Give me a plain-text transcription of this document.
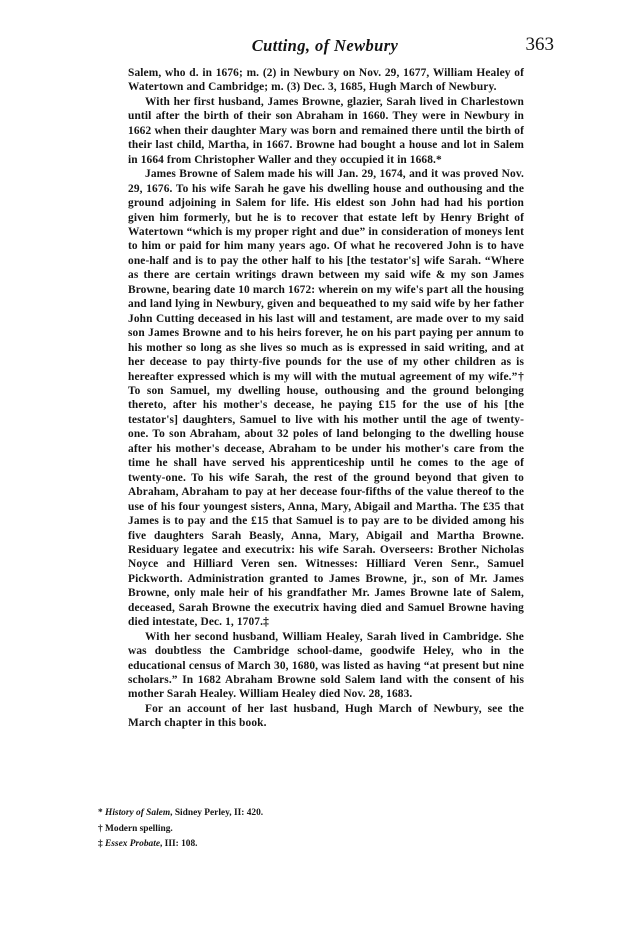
Cutting, of Newbury	363

Salem, who d. in 1676; m. (2) in Newbury on Nov. 29, 1677, William Healey of Watertown and Cambridge; m. (3) Dec. 3, 1685, Hugh March of Newbury.

With her first husband, James Browne, glazier, Sarah lived in Charlestown until after the birth of their son Abraham in 1660. They were in Newbury in 1662 when their daughter Mary was born and remained there until the birth of their last child, Martha, in 1667. Browne had bought a house and lot in Salem in 1664 from Christopher Waller and they occupied it in 1668.*

James Browne of Salem made his will Jan. 29, 1674, and it was proved Nov. 29, 1676. To his wife Sarah he gave his dwelling house and outhousing and the ground adjoining in Salem for life. His eldest son John had had his portion given him formerly, but he is to recover that estate left by Henry Bright of Watertown “which is my proper right and due” in consideration of moneys lent to him or paid for him many years ago. Of what he recovered John is to have one-half and is to pay the other half to his [the testator's] wife Sarah. “Where as there are certain writings drawn between my said wife & my son James Browne, bearing date 10 march 1672: wherein on my wife's part all the housing and land lying in Newbury, given and bequeathed to my said wife by her father John Cutting deceased in his last will and testament, are made over to my said son James Browne and to his heirs forever, he on his part paying per annum to his mother so long as she lives so much as is expressed in said writing, and at her decease to pay thirty-five pounds for the use of my other children as is hereafter expressed which is my will with the mutual agreement of my wife.”† To son Samuel, my dwelling house, outhousing and the ground belonging thereto, after his mother's decease, he paying £15 for the use of his [the testator's] daughters, Samuel to live with his mother until the age of twenty-one. To son Abraham, about 32 poles of land belonging to the dwelling house after his mother's decease, Abraham to be under his mother's care from the time he shall have served his apprenticeship until he comes to the age of twenty-one. To his wife Sarah, the rest of the ground beyond that given to Abraham, Abraham to pay at her decease four-fifths of the value thereof to the use of his four youngest sisters, Anna, Mary, Abigail and Martha. The £35 that James is to pay and the £15 that Samuel is to pay are to be divided among his five daughters Sarah Beasly, Anna, Mary, Abigail and Martha Browne. Residuary legatee and executrix: his wife Sarah. Overseers: Brother Nicholas Noyce and Hilliard Veren sen. Witnesses: Hilliard Veren Senr., Samuel Pickworth. Administration granted to James Browne, jr., son of Mr. James Browne, only male heir of his grandfather Mr. James Browne late of Salem, deceased, Sarah Browne the executrix having died and Samuel Browne having died intestate, Dec. 1, 1707.‡

With her second husband, William Healey, Sarah lived in Cambridge. She was doubtless the Cambridge school-dame, goodwife Heley, who in the educational census of March 30, 1680, was listed as having “at present but nine scholars.” In 1682 Abraham Browne sold Salem land with the consent of his mother Sarah Healey. William Healey died Nov. 28, 1683.

For an account of her last husband, Hugh March of Newbury, see the March chapter in this book.

* History of Salem, Sidney Perley, II: 420.

† Modern spelling.

‡ Essex Probate, III: 108.
